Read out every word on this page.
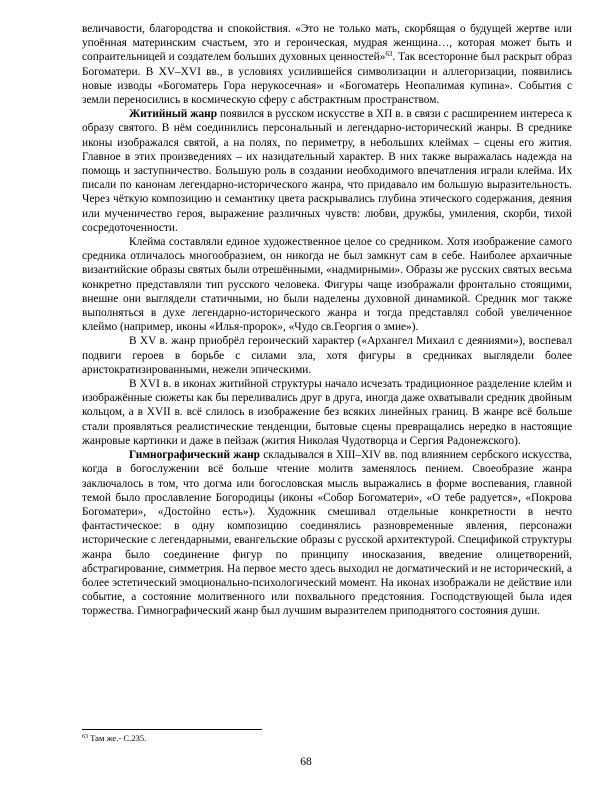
величавости, благородства и спокойствия. «Это не только мать, скорбящая о будущей жертве или упоённая материнским счастьем, это и героическая, мудрая женщина…, которая может быть и сопраительницей и создателем больших духовных ценностей»$^{63}$. Так всесторонне был раскрыт образ Богоматери. В XV–XVI вв., в условиях усилившейся символизации и аллегоризации, появились новые изводы «Богоматерь Гора нерукосечная» и «Богоматерь Неопалимая купина». События с земли переносились в космическую сферу с абстрактным пространством.

Житийный жанр появился в русском искусстве в ХП в. в связи с расширением интереса к образу святого. В нём соединились персональный и легендарно-исторический жанры. В среднике иконы изображался святой, а на полях, по периметру, в небольших клеймах – сцены его жития. Главное в этих произведениях – их назидательный характер. В них также выражалась надежда на помощь и заступничество. Большую роль в создании необходимого впечатления играли клейма. Их писали по канонам легендарно-исторического жанра, что придавало им большую выразительность. Через чёткую композицию и семантику цвета раскрывались глубина этического содержания, деяния или мученичество героя, выражение различных чувств: любви, дружбы, умиления, скорби, тихой сосредоточенности.

Клейма составляли единое художественное целое со средником. Хотя изображение самого средника отличалось многообразием, он никогда не был замкнут сам в себе. Наиболее архаичные византийские образы святых были отрешёнными, «надмирными». Образы же русских святых весьма конкретно представляли тип русского человека. Фигуры чаще изображали фронтально стоящими, внешне они выглядели статичными, но были наделены духовной динамикой. Средник мог также выполняться в духе легендарно-исторического жанра и тогда представлял собой увеличенное клеймо (например, иконы «Илья-пророк», «Чудо св.Георгия о змие»).

В XV в. жанр приобрёл героический характер («Архангел Михаил с деяниями»), воспевал подвиги героев в борьбе с силами зла, хотя фигуры в средниках выглядели более аристократизированными, нежели эпическими.

В XVI в. в иконах житийной структуры начало исчезать традиционное разделение клейм и изображённые сюжеты как бы переливались друг в друга, иногда даже охватывали средник двойным кольцом, а в XVII в. всё слилось в изображение без всяких линейных границ. В жанре всё больше стали проявляться реалистические тенденции, бытовые сцены превращались нередко в настоящие жанровые картинки и даже в пейзаж (жития Николая Чудотворца и Сергия Радонежского).

Гимнографический жанр складывался в XIII–XIV вв. под влиянием сербского искусства, когда в богослужении всё больше чтение молитв заменялось пением. Своеобразие жанра заключалось в том, что догма или богословская мысль выражались в форме воспевания, главной темой было прославление Богородицы (иконы «Собор Богоматери», «О тебе радуется», «Покрова Богоматери», «Достойно есть»). Художник смешивал отдельные конкретности в нечто фантастическое: в одну композицию соединялись разновременные явления, персонажи исторические с легендарными, евангельские образы с русской архитектурой. Спецификой структуры жанра было соединение фигур по принципу иносказания, введение олицетворений, абстрагирование, симметрия. На первое место здесь выходил не догматический и не исторический, а более эстетический эмоционально-психологический момент. На иконах изображали не действие или событие, а состояние молитвенного или похвального предстояния. Господствующей была идея торжества. Гимнографический жанр был лучшим выразителем приподнятого состояния души.

$^{63}$ Там же.- С.235.
68
